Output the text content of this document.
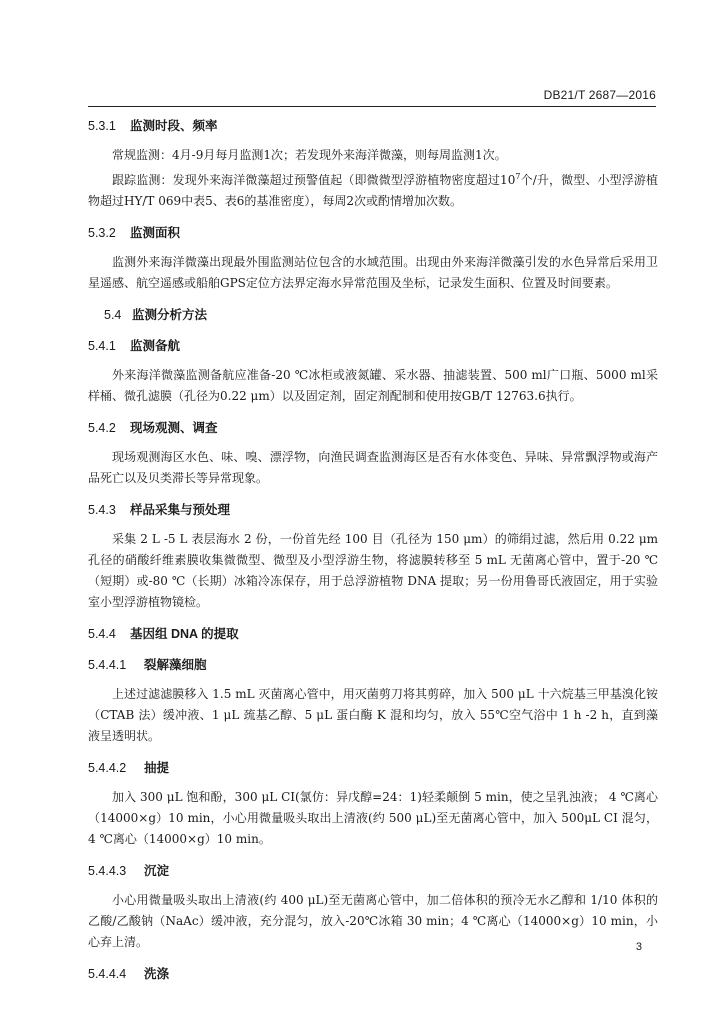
DB21/T 2687—2016
5.3.1 监测时段、频率

常规监测：4月-9月每月监测1次；若发现外来海洋微藻，则每周监测1次。

跟踪监测：发现外来海洋微藻超过预警值起（即微微型浮游植物密度超过$10^7$个/升，微型、小型浮游植物超过HY/T 069中表5、表6的基准密度），每周2次或酌情增加次数。

5.3.2 监测面积

监测外来海洋微藻出现最外围监测站位包含的水域范围。出现由外来海洋微藻引发的水色异常后采用卫星遥感、航空遥感或船舶GPS定位方法界定海水异常范围及坐标，记录发生面积、位置及时间要素。

5.4 监测分析方法
5.4.1 监测备航

外来海洋微藻监测备航应准备-20 ℃冰柜或液氮罐、采水器、抽滤装置、500 ml广口瓶、5000 ml采样桶、微孔滤膜（孔径为0.22 μm）以及固定剂，固定剂配制和使用按GB/T 12763.6执行。

5.4.2 现场观测、调查

现场观测海区水色、味、嗅、漂浮物，向渔民调查监测海区是否有水体变色、异味、异常飘浮物或海产品死亡以及贝类滞长等异常现象。

5.4.3 样品采集与预处理

采集 2 L -5 L 表层海水 2 份，一份首先经 100 目（孔径为 150 μm）的筛绢过滤，然后用 0.22 μm 孔径的硝酸纤维素膜收集微微型、微型及小型浮游生物，将滤膜转移至 5 mL 无菌离心管中，置于-20 ℃（短期）或-80 ℃（长期）冰箱冷冻保存，用于总浮游植物 DNA 提取；另一份用鲁哥氏液固定，用于实验室小型浮游植物镜检。

5.4.4 基因组 DNA 的提取
5.4.4.1 裂解藻细胞

上述过滤滤膜移入 1.5 mL 灭菌离心管中，用灭菌剪刀将其剪碎，加入 500 μL 十六烷基三甲基溴化铵（CTAB 法）缓冲液、1 μL 巯基乙醇、5 μL 蛋白酶 K 混和均匀，放入 55℃空气浴中 1 h -2 h，直到藻液呈透明状。

5.4.4.2 抽提

加入 300 μL 饱和酚，300 μL CI(氯仿：异戊醇=24：1)轻柔颠倒 5 min，使之呈乳浊液； 4 ℃离心（14000×g）10 min，小心用微量吸头取出上清液(约 500 μL)至无菌离心管中，加入 500μL CI 混匀，4 ℃离心（14000×g）10 min。

5.4.4.3 沉淀

小心用微量吸头取出上清液(约 400 μL)至无菌离心管中，加二倍体积的预冷无水乙醇和 1/10 体积的乙酸/乙酸钠（NaAc）缓冲液，充分混匀，放入-20℃冰箱 30 min；4 ℃离心（14000×g）10 min，小心弃上清。

5.4.4.4 洗涤
3
